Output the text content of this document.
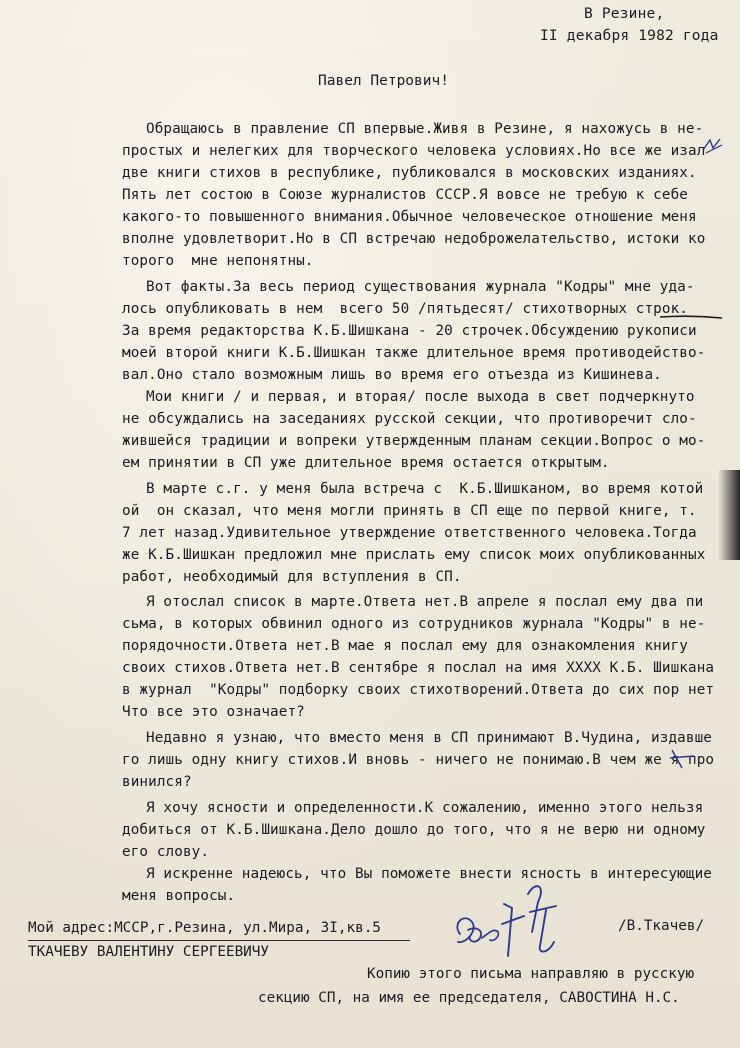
В Резине,
II декабря 1982 года
Павел Петрович!
Обращаюсь в правление СП впервые.Живя в Резине, я нахожусь в не-
простых и нелегких для творческого человека условиях.Но все же изал
две книги стихов в республике, публиковался в московских изданиях.
Пять лет состою в Союзе журналистов СССР.Я вовсе не требую к себе
какого-то повышенного внимания.Обычное человеческое отношение меня
вполне удовлетворит.Но в СП встречаю недоброжелательство, истоки ко
торого  мне непонятны.
Вот факты.За весь период существования журнала "Кодры" мне уда-
лось опубликовать в нем  всего 50 /пятьдесят/ стихотворных строк.
За время редакторства К.Б.Шишкана - 20 строчек.Обсуждению рукописи
моей второй книги К.Б.Шишкан также длительное время противодейство-
вал.Оно стало возможным лишь во время его отъезда из Кишинева.
Мои книги / и первая, и вторая/ после выхода в свет подчеркнуто
не обсуждались на заседаниях русской секции, что противоречит сло-
жившейся традиции и вопреки утвержденным планам секции.Вопрос о мо-
ем принятии в СП уже длительное время остается открытым.
В марте с.г. у меня была встреча с  К.Б.Шишканом, во время котой
ой  он сказал, что меня могли принять в СП еще по первой книге, т.
7 лет назад.Удивительное утверждение ответственного человека.Тогда
же К.Б.Шишкан предложил мне прислать ему список моих опубликованных
работ, необходимый для вступления в СП.
Я отослал список в марте.Ответа нет.В апреле я послал ему два пи
сьма, в которых обвинил одного из сотрудников журнала "Кодры" в не-
порядочности.Ответа нет.В мае я послал ему для ознакомления книгу
своих стихов.Ответа нет.В сентябре я послал на имя ХХХХ К.Б. Шишкана
в журнал  "Кодры" подборку своих стихотворений.Ответа до сих пор нет
Что все это означает?
Недавно я узнаю, что вместо меня в СП принимают В.Чудина, издавше
го лишь одну книгу стихов.И вновь - ничего не понимаю.В чем же я про
винился?
Я хочу ясности и определенности.К сожалению, именно этого нельзя
добиться от К.Б.Шишкана.Дело дошло до того, что я не верю ни одному
его слову.
Я искренне надеюсь, что Вы поможете внести ясность в интересующие
меня вопросы.
Мой адрес:МССР,г.Резина, ул.Мира, 3I,кв.5
ТКАЧЕВУ ВАЛЕНТИНУ СЕРГЕЕВИЧУ
/В.Ткачев/
Копию этого письма направляю в русскую
секцию СП, на имя ее председателя, САВОСТИНА Н.С.
